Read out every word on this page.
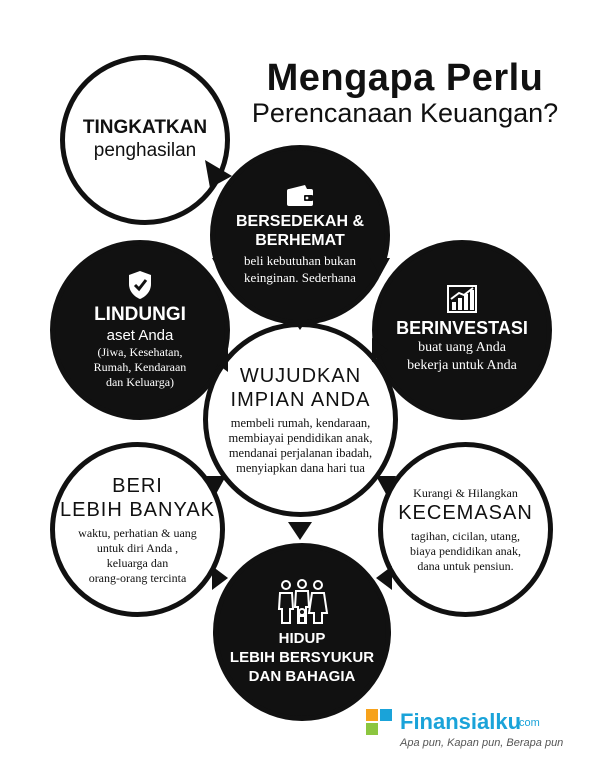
Mengapa Perlu
Perencanaan Keuangan?
TINGKATKAN
penghasilan
BERSEDEKAH &
BERHEMAT
beli kebutuhan bukan
keinginan. Sederhana
LINDUNGI
aset Anda
(Jiwa, Kesehatan,
Rumah, Kendaraan
dan Keluarga)
BERINVESTASI
buat uang Anda
bekerja untuk Anda
WUJUDKAN
IMPIAN ANDA
membeli rumah, kendaraan,
membiayai pendidikan anak,
mendanai perjalanan ibadah,
menyiapkan dana hari tua
BERI
LEBIH BANYAK
waktu, perhatian & uang
untuk diri Anda ,
keluarga dan
orang-orang tercinta
Kurangi & Hilangkan
KECEMASAN
tagihan, cicilan, utang,
biaya pendidikan anak,
dana untuk pensiun.
HIDUP
LEBIH BERSYUKUR
DAN BAHAGIA
Finansialku
.com
Apa pun, Kapan pun, Berapa pun
